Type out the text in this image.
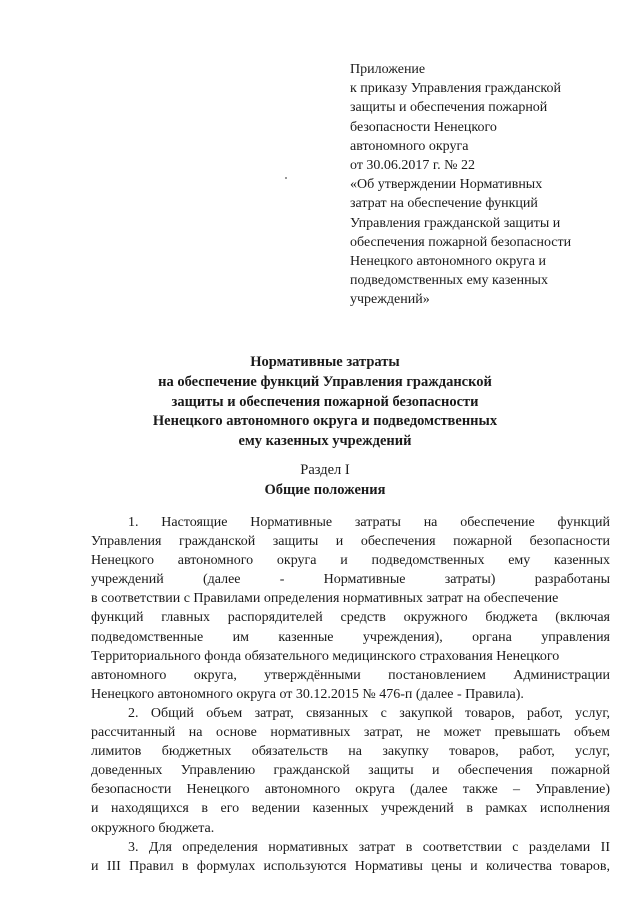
Приложение
к приказу Управления гражданской
защиты и обеспечения пожарной
безопасности Ненецкого
автономного округа
от 30.06.2017 г. № 22
«Об утверждении Нормативных
затрат на обеспечение функций
Управления гражданской защиты и
обеспечения пожарной безопасности
Ненецкого автономного округа и
подведомственных ему казенных
учреждений»
Нормативные затраты
на обеспечение функций Управления гражданской
защиты и обеспечения пожарной безопасности
Ненецкого автономного округа и подведомственных
ему казенных учреждений
Раздел I
Общие положения
1. Настоящие Нормативные затраты на обеспечение функций
Управления гражданской защиты и обеспечения пожарной безопасности
Ненецкого автономного округа и подведомственных ему казенных
учреждений (далее - Нормативные затраты) разработаны
в соответствии с Правилами определения нормативных затрат на обеспечение
функций главных распорядителей средств окружного бюджета (включая
подведомственные им казенные учреждения), органа управления
Территориального фонда обязательного медицинского страхования Ненецкого
автономного округа, утверждёнными постановлением Администрации
Ненецкого автономного округа от 30.12.2015 № 476-п (далее - Правила).
2. Общий объем затрат, связанных с закупкой товаров, работ, услуг,
рассчитанный на основе нормативных затрат, не может превышать объем
лимитов бюджетных обязательств на закупку товаров, работ, услуг,
доведенных Управлению гражданской защиты и обеспечения пожарной
безопасности Ненецкого автономного округа (далее также – Управление)
и находящихся в его ведении казенных учреждений в рамках исполнения
окружного бюджета.
3. Для определения нормативных затрат в соответствии с разделами II
и III Правил в формулах используются Нормативы цены и количества товаров,
